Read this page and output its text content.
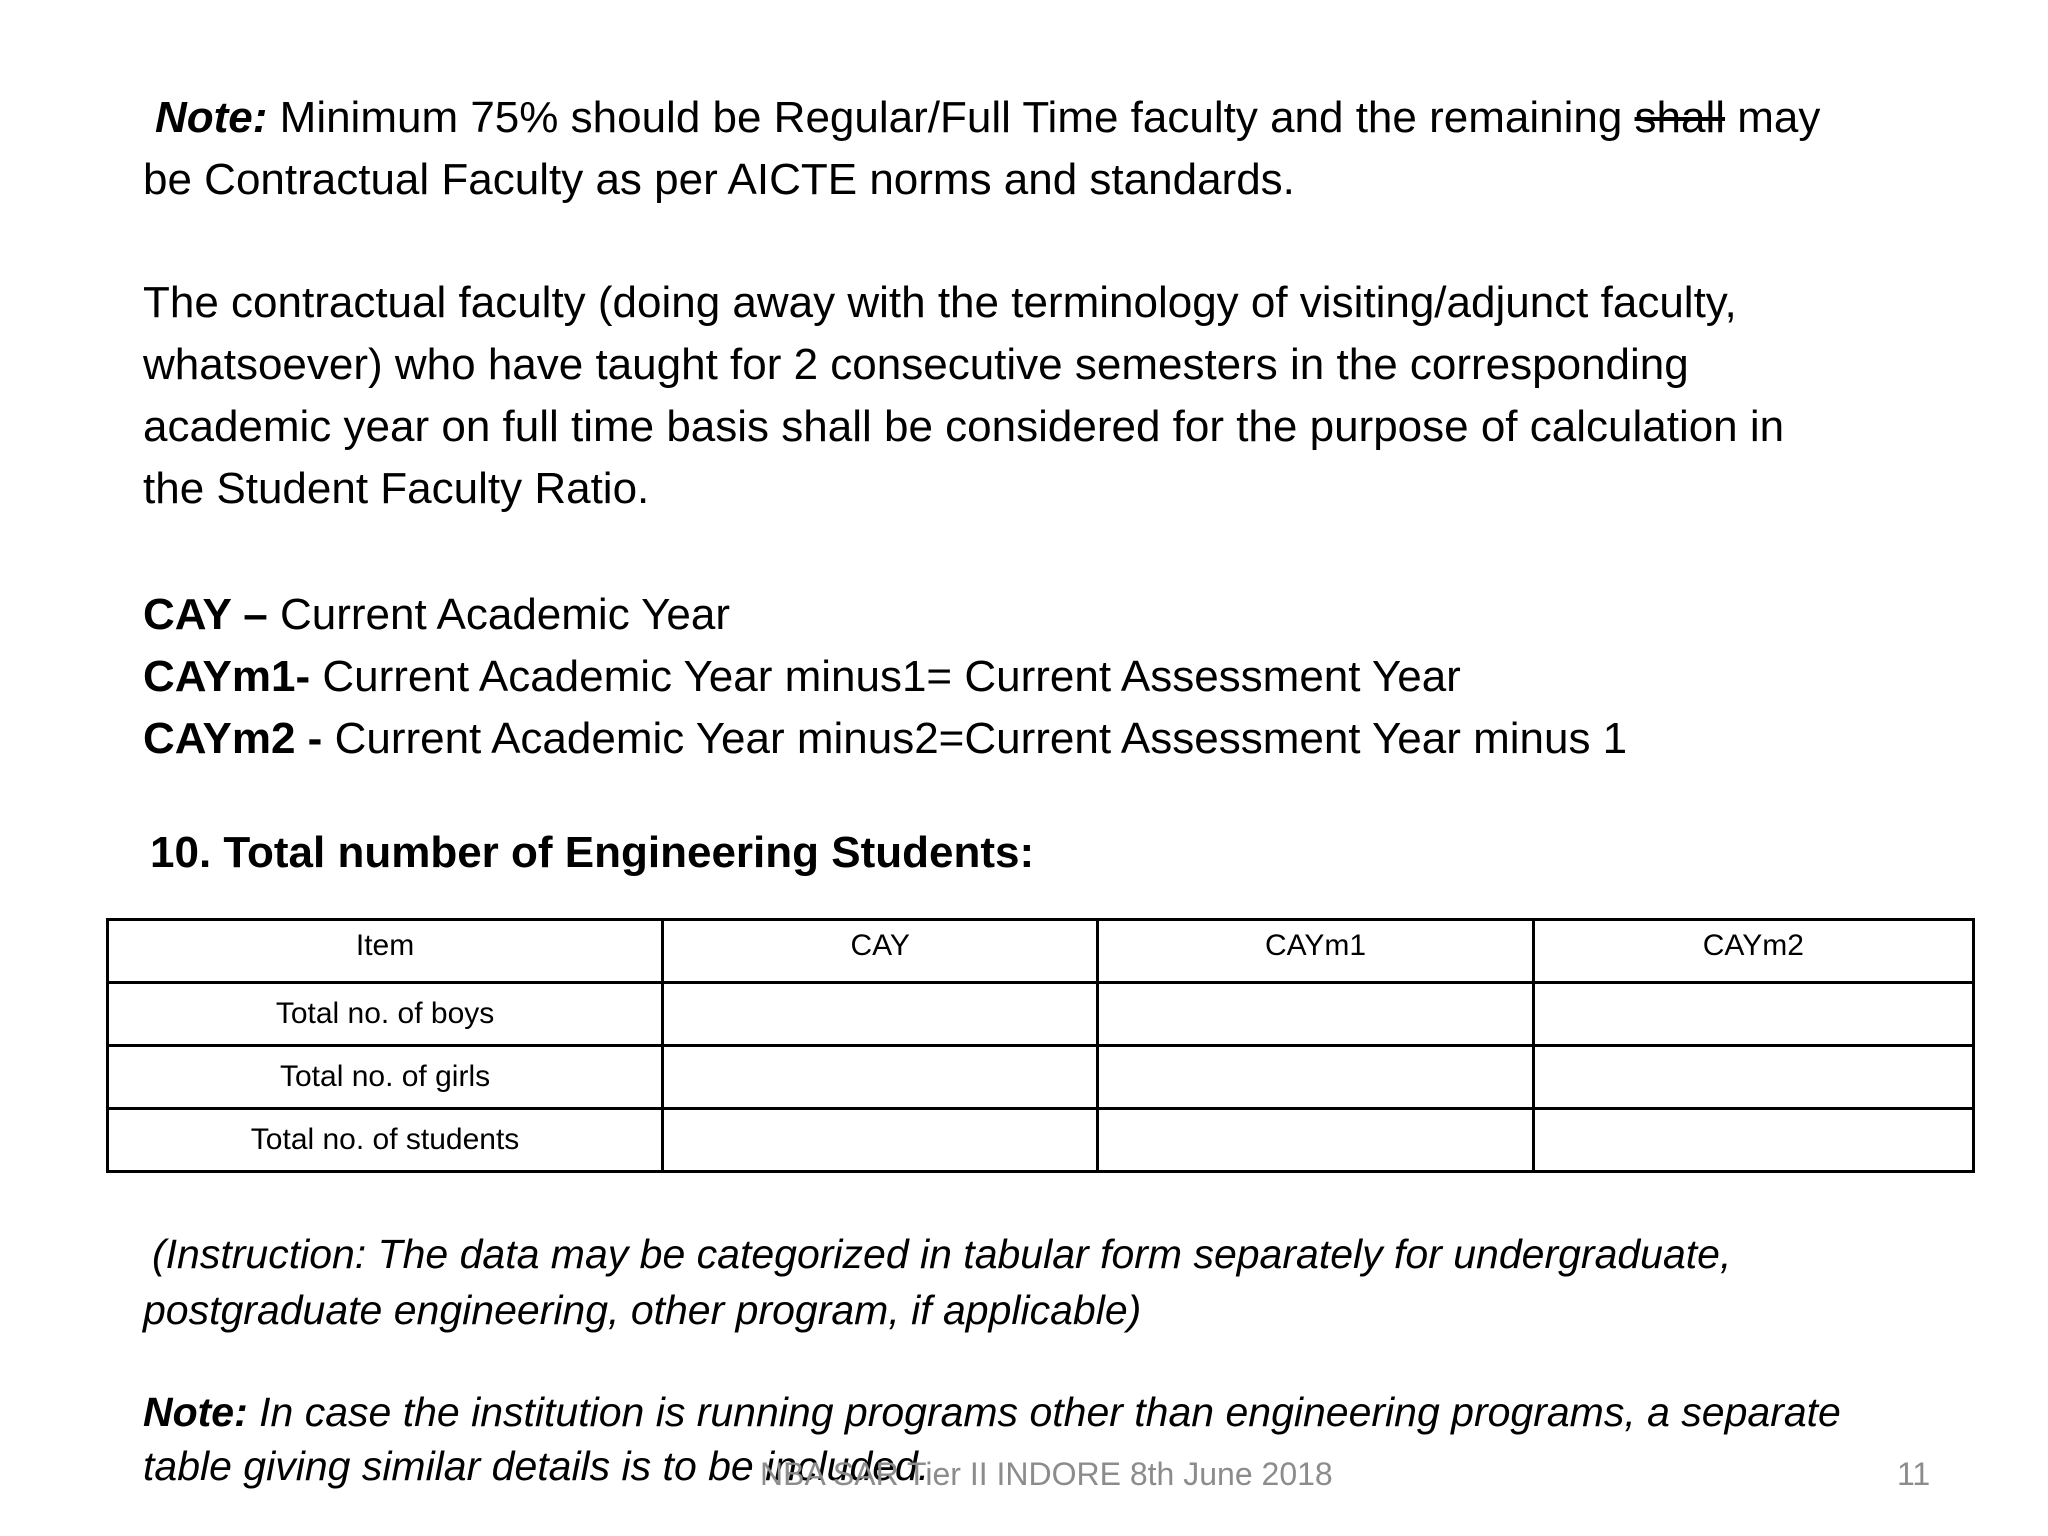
Note: Minimum 75% should be Regular/Full Time faculty and the remaining shall may
be Contractual Faculty as per AICTE norms and standards.
The contractual faculty (doing away with the terminology of visiting/adjunct faculty,
whatsoever) who have taught for 2 consecutive semesters in the corresponding
academic year on full time basis shall be considered for the purpose of calculation in
the Student Faculty Ratio.
CAY – Current Academic Year
CAYm1- Current Academic Year minus1= Current Assessment Year
CAYm2 - Current Academic Year minus2=Current Assessment Year minus 1
10. Total number of Engineering Students:
Item	CAY	CAYm1	CAYm2
Total no. of boys			
Total no. of girls			
Total no. of students			
(Instruction: The data may be categorized in tabular form separately for undergraduate,
postgraduate engineering, other program, if applicable)
Note: In case the institution is running programs other than engineering programs, a separate
table giving similar details is to be included.
NBA SAR Tier II INDORE 8th June 2018	11
